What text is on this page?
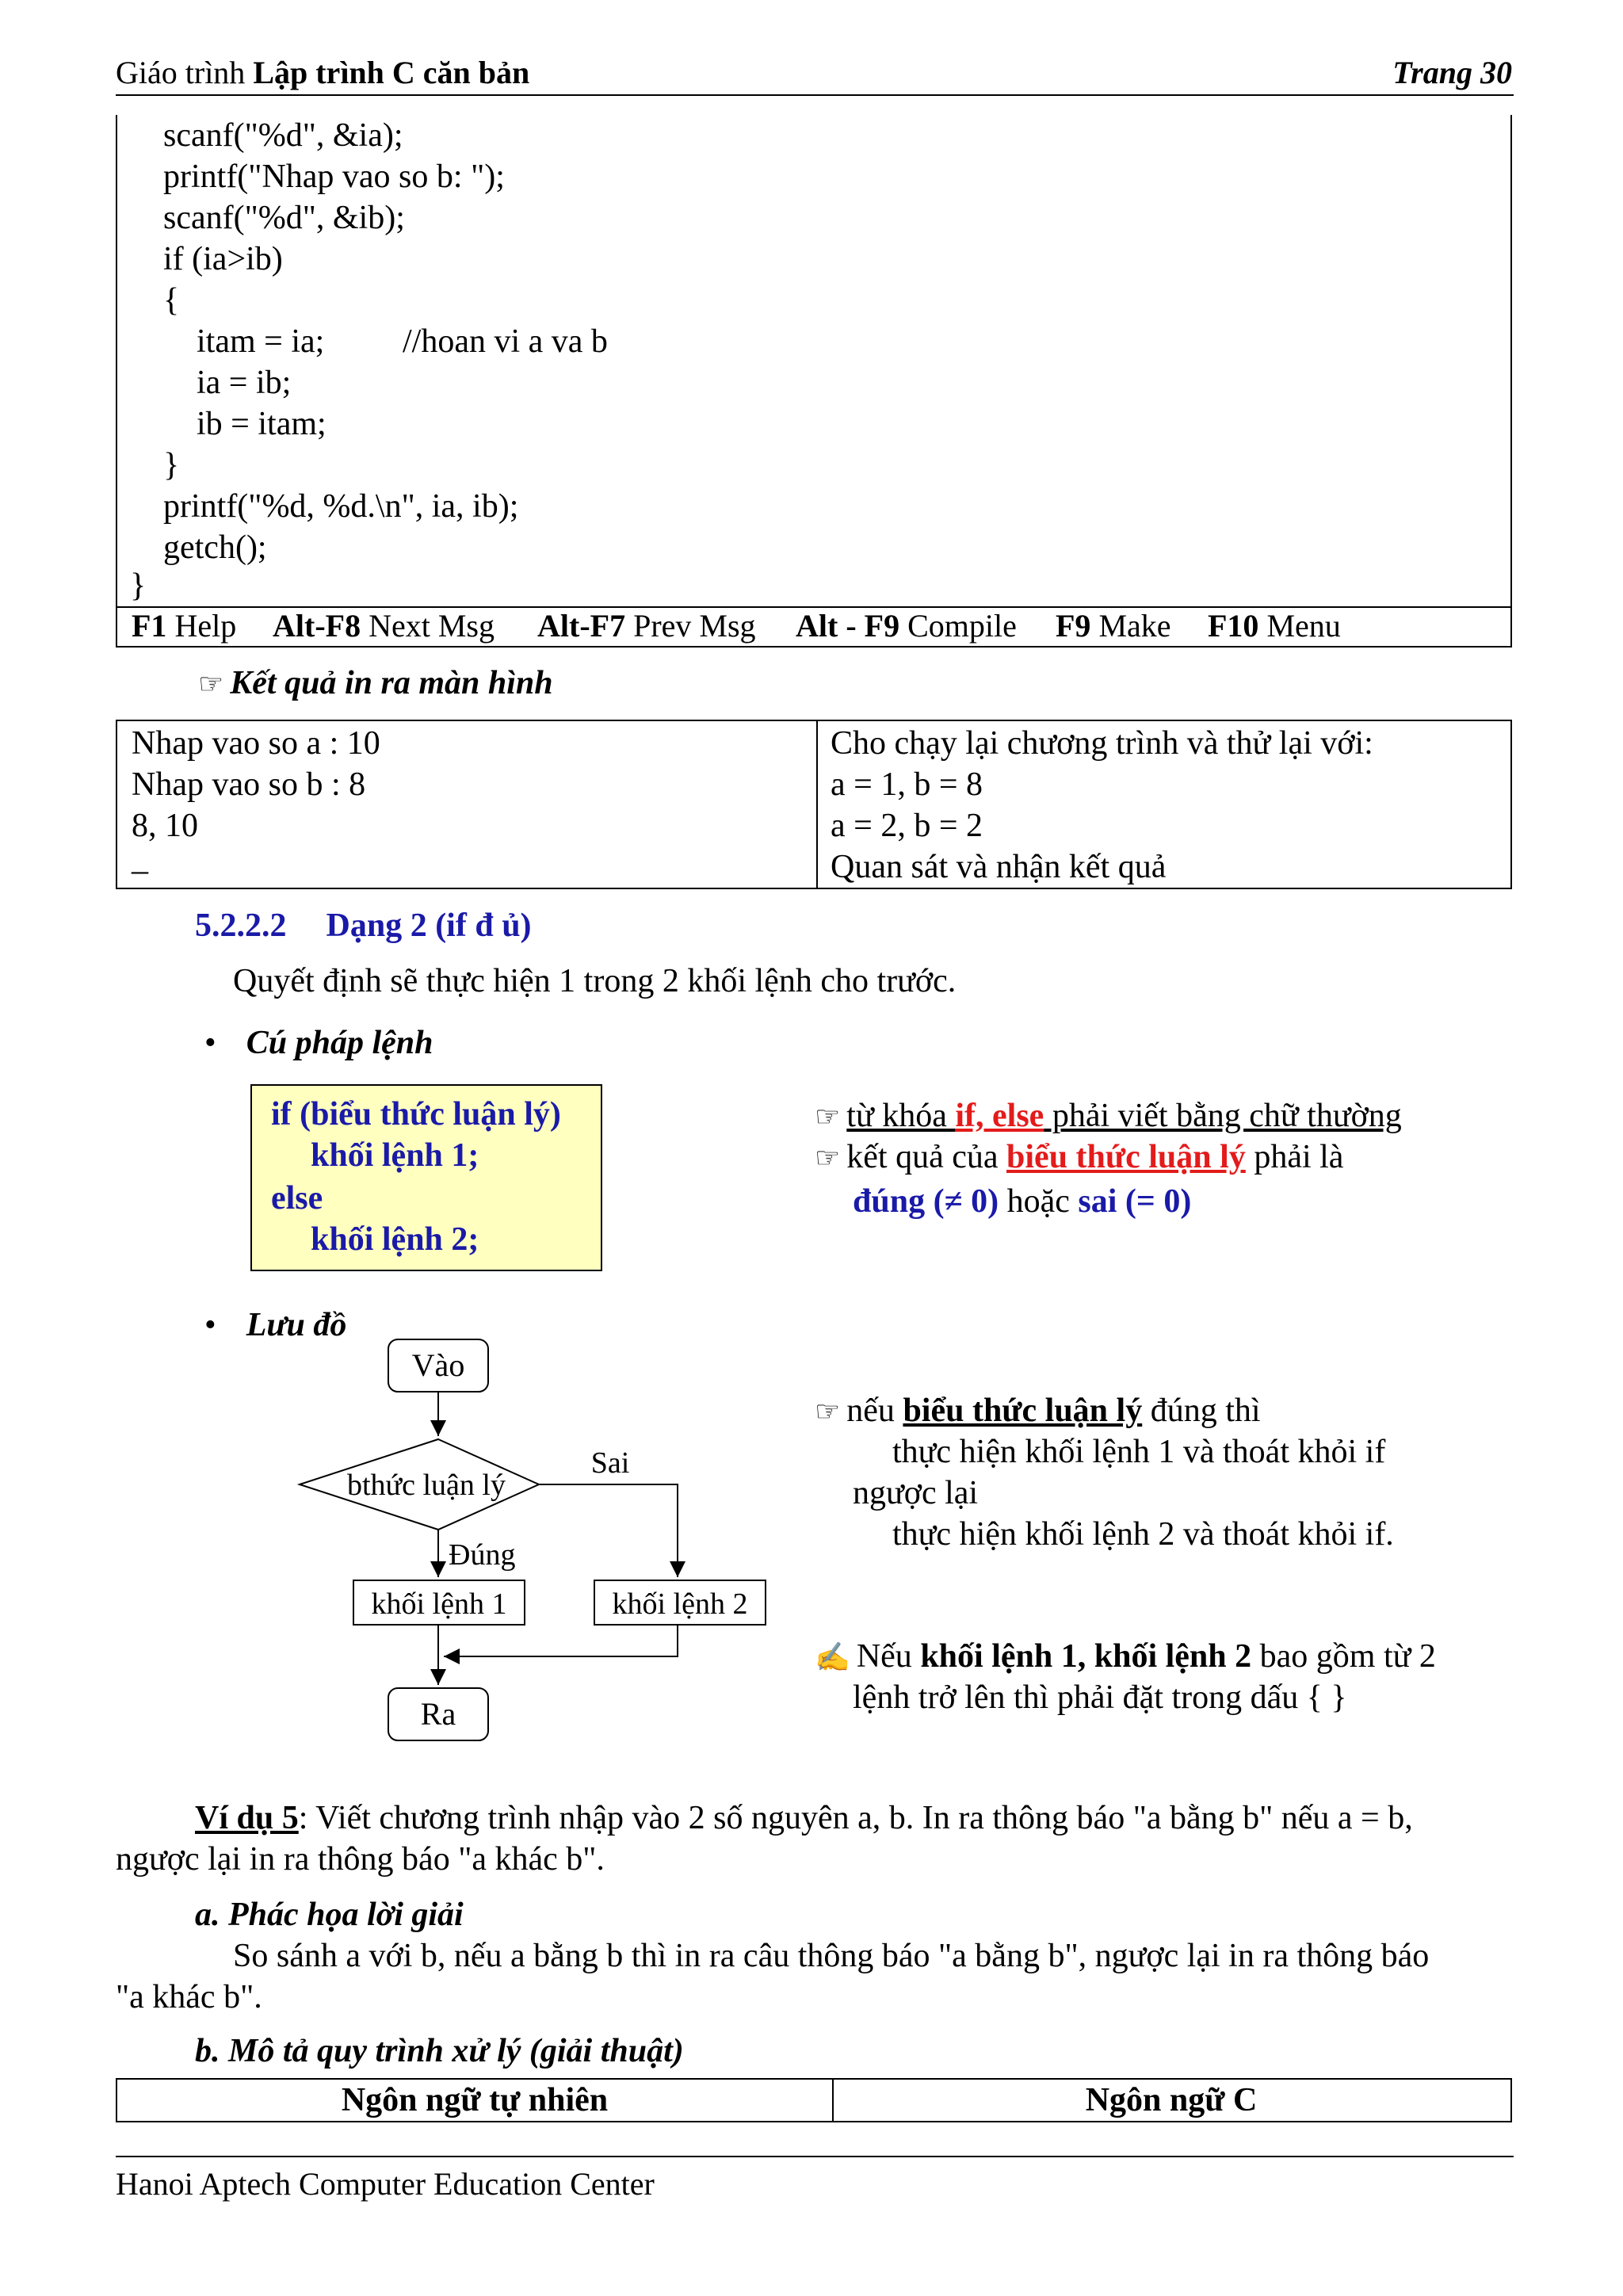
Giáo trình Lập trình C căn bản	Trang 30
scanf("%d", &ia);
printf("Nhap vao so b: ");
scanf("%d", &ib);
if (ia>ib)
{
itam = ia; //hoan vi a va b
ia = ib;
ib = itam;
}
printf("%d, %d.\n", ia, ib);
getch();
}
F1 Help Alt-F8 Next Msg Alt-F7 Prev Msg Alt - F9 Compile F9 Make F10 Menu
☞ Kết quả in ra màn hình
Nhap vao so a : 10
Nhap vao so b : 8
8, 10
_
Cho chạy lại chương trình và thử lại với:
a = 1, b = 8
a = 2, b = 2
Quan sát và nhận kết quả
5.2.2.2 Dạng 2 (if đ ủ)
Quyết định sẽ thực hiện 1 trong 2 khối lệnh cho trước.
• Cú pháp lệnh
if (biểu thức luận lý)
khối lệnh 1;
else
khối lệnh 2;
☞ từ khóa if, else phải viết bằng chữ thường
☞ kết quả của biểu thức luận lý phải là
đúng (≠ 0) hoặc sai (= 0)
• Lưu đồ
Vào
bthức luận lý
Sai
Đúng
khối lệnh 1	khối lệnh 2
Ra
☞ nếu biểu thức luận lý đúng thì
thực hiện khối lệnh 1 và thoát khỏi if
ngược lại
thực hiện khối lệnh 2 và thoát khỏi if.
✍ Nếu khối lệnh 1, khối lệnh 2 bao gồm từ 2
lệnh trở lên thì phải đặt trong dấu { }
Ví dụ 5: Viết chương trình nhập vào 2 số nguyên a, b. In ra thông báo "a bằng b" nếu a = b,
ngược lại in ra thông báo "a khác b".
a. Phác họa lời giải
So sánh a với b, nếu a bằng b thì in ra câu thông báo "a bằng b", ngược lại in ra thông báo
"a khác b".
b. Mô tả quy trình xử lý (giải thuật)
Ngôn ngữ tự nhiên	Ngôn ngữ C
Hanoi Aptech Computer Education Center
